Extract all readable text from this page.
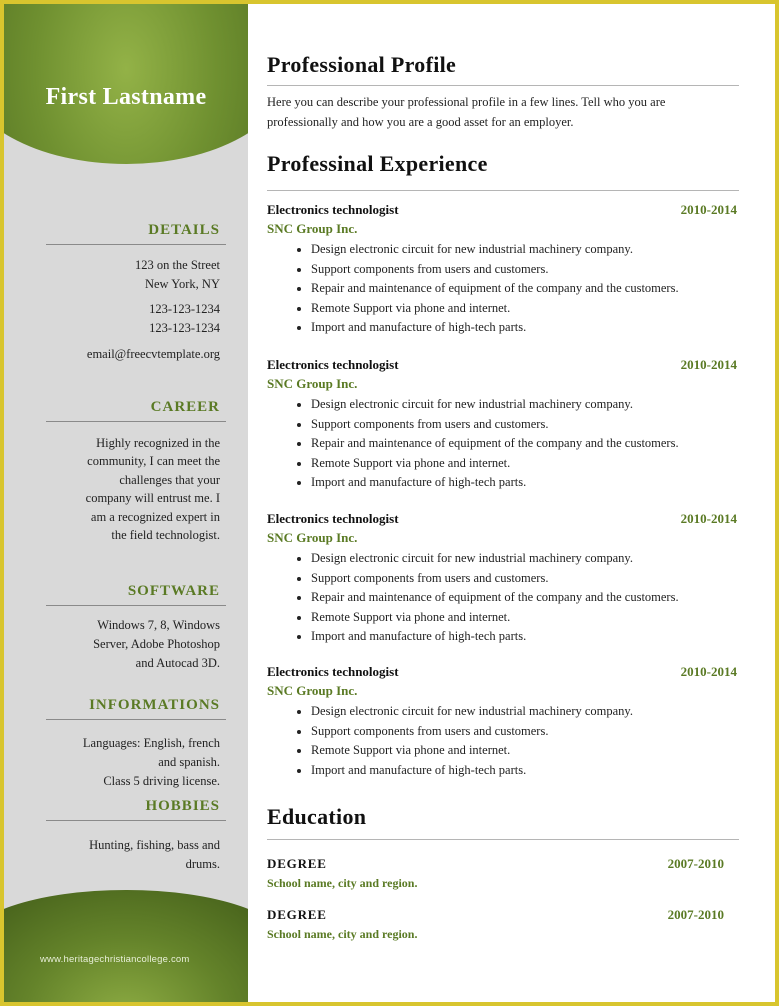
First Lastname
DETAILS
123 on the Street
New York, NY
123-123-1234
123-123-1234
email@freecvtemplate.org
CAREER
Highly recognized in the
community, I can meet the
challenges that your
company will entrust me. I
am a recognized expert in
the field technologist.
SOFTWARE
Windows 7, 8, Windows
Server, Adobe Photoshop
and Autocad 3D.
INFORMATIONS
Languages: English, french
and spanish.
Class 5 driving license.
HOBBIES
Hunting, fishing, bass and
drums.
www.heritagechristiancollege.com
Professional Profile
Here you can describe your professional profile in a few lines. Tell who you are
professionally and how you are a good asset for an employer.
Professinal Experience
Electronics technologist	2010-2014
SNC Group Inc.
• Design electronic circuit for new industrial machinery company.
• Support components from users and customers.
• Repair and maintenance of equipment of the company and the customers.
• Remote Support via phone and internet.
• Import and manufacture of high-tech parts.
Electronics technologist	2010-2014
SNC Group Inc.
• Design electronic circuit for new industrial machinery company.
• Support components from users and customers.
• Repair and maintenance of equipment of the company and the customers.
• Remote Support via phone and internet.
• Import and manufacture of high-tech parts.
Electronics technologist	2010-2014
SNC Group Inc.
• Design electronic circuit for new industrial machinery company.
• Support components from users and customers.
• Repair and maintenance of equipment of the company and the customers.
• Remote Support via phone and internet.
• Import and manufacture of high-tech parts.
Electronics technologist	2010-2014
SNC Group Inc.
• Design electronic circuit for new industrial machinery company.
• Support components from users and customers.
• Remote Support via phone and internet.
• Import and manufacture of high-tech parts.
Education
DEGREE	2007-2010
School name, city and region.
DEGREE	2007-2010
School name, city and region.
